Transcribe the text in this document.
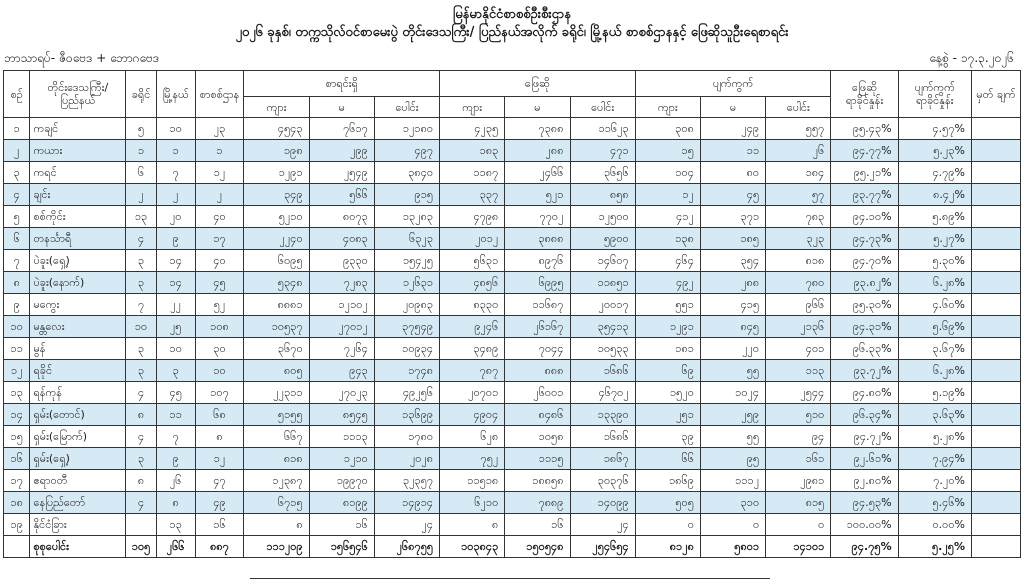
မြန်မာနိုင်ငံစာစစ်ဦးစီးဌာန
၂၀၂၆ ခုနှစ်၊ တက္ကသိုလ်ဝင်စာမေးပွဲ တိုင်းဒေသကြီး/ ပြည်နယ်အလိုက် ခရိုင်၊ မြို့နယ် စာစစ်ဌာနနှင့် ဖြေဆိုသူဦးရေစာရင်း
ဘာသာရပ်- ဇီဝဗေဒ + ဘောဂဗေဒ	နေ့စွဲ - ၁၇.၃.၂၀၂၆
စဉ်	တိုင်းဒေသကြီး/ ပြည်နယ်	ခရိုင်	မြို့နယ်	စာစစ်ဌာန	စာရင်းရှိ			ဖြေဆို			ပျက်ကွက်			ဖြေဆို ရာခိုင်နှုန်း	ပျက်ကွက် ရာခိုင်နှုန်း	မှတ် ချက်
					ကျား	မ	ပေါင်း	ကျား	မ	ပေါင်း	ကျား	မ	ပေါင်း			
၁	ကချင်	၅	၁၀	၂၃	၄၅၄၃	၇၆၁၇	၁၂၁၈၀	၄၂၃၅	၇၃၈၈	၁၁၆၂၃	၃၀၈	၂၄၉	၅၅၇	၉၅.၄၃%	၄.၅၇%	
၂	ကယား	၁	၁	၁	၁၉၈	၂၉၉	၄၉၇	၁၈၃	၂၈၈	၄၇၁	၁၅	၁၁	၂၆	၉၄.၇၇%	၅.၂၃%	
၃	ကရင်	၆	၇	၁၂	၁၂၉၁	၂၅၄၉	၃၈၄၀	၁၁၈၇	၂၄၆၆	၃၆၅၆	၁၀၄	၈၀	၁၈၄	၉၅.၂၁%	၄.၇၉%	
၄	ချင်း	၂	၂	၂	၃၄၉	၅၆၆	၉၁၅	၃၃၇	၅၂၁	၈၅၈	၁၂	၄၅	၅၇	၉၃.၇၇%	၈.၄၂%	
၅	စစ်ကိုင်း	၁၃	၂၀	၄၀	၅၂၁၀	၈၀၇၃	၁၃၂၈၃	၄၇၉၈	၇၇၀၂	၁၂၅၀၀	၄၁၂	၃၇၁	၇၈၃	၉၄.၁၀%	၅.၈၉%	
၆	တနင်္သာရီ	၄	၉	၁၇	၂၂၄၀	၄၀၈၃	၆၃၂၃	၂၀၁၂	၃၈၈၈	၅၉၀၀	၁၃၈	၁၈၅	၃၂၃	၉၄.၇၃%	၅.၂၇%	
၇	ပဲခူး(ရှေ့)	၃	၁၄	၄၀	၆၀၉၅	၉၃၃၀	၁၅၄၂၅	၅၆၃၁	၈၉၇၆	၁၄၆၀၇	၄၆၄	၃၅၄	၈၁၈	၉၄.၇၀%	၅.၃၀%	
၈	ပဲခူး(နောက်)	၃	၁၄	၄၅	၅၃၄၈	၇၂၈၃	၁၂၆၃၁	၄၈၅၆	၆၉၉၅	၁၁၈၅၁	၄၉၂	၂၈၈	၇၈၀	၉၃.၈၂%	၆.၂၈%	
၉	မကွေး	၇	၂၂	၅၂	၈၈၈၁	၁၂၁၀၂	၂၀၉၈၃	၈၃၃၀	၁၁၆၈၇	၂၀၀၁၇	၅၅၁	၄၁၅	၉၆၆	၉၅.၃၀%	၄.၆၀%	
၁၀	မန္တလေး	၁၀	၂၅	၁၀၈	၁၀၅၃၇	၂၇၀၁၂	၃၇၅၄၉	၉၂၄၆	၂၆၁၆၇	၃၅၄၁၃	၁၂၉၁	၈၄၅	၂၁၃၆	၉၄.၃၁%	၅.၆၉%	
၁၁	မွန်	၃	၁၀	၃၀	၃၆၇၀	၇၂၆၄	၁၀၉၃၄	၃၄၈၉	၇၀၄၄	၁၀၅၃၃	၁၈၁	၂၂၀	၄၀၁	၉၆.၃၃%	၃.၆၇%	
၁၂	ရခိုင်	၃	၃	၁၀	၈၀၅	၉၄၃	၁၇၄၈	၇၈၇	၈၈၈	၁၆၈၆	၆၉	၅၅	၁၁၃	၉၃.၇၂%	၆.၂၈%	
၁၃	ရန်ကုန်	၄	၄၅	၁၀၇	၂၂၃၁၁	၂၇၀၂၃	၄၉၂၅၆	၂၀၇၀၁	၂၆၀၀၁	၄၆၇၀၂	၁၅၂၀	၁၀၂၄	၂၅၄၄	၉၄.၈၀%	၅.၁၉%	
၁၄	ရှမ်း(တောင်)	၈	၁၁	၆၈	၅၁၅၅	၈၅၄၅	၁၃၆၉၉	၄၉၀၄	၈၄၈၆	၁၃၃၉၀	၂၅၁	၂၅၉	၅၁၀	၉၆.၃၄%	၃.၆၃%	
၁၅	ရှမ်း(မြောက်)	၄	၇	၈	၆၆၇	၁၁၁၃	၁၇၈၀	၆၂၈	၁၀၅၈	၁၆၈၆	၃၉	၅၅	၉၄	၉၄.၇၂%	၅.၂၈%	
၁၆	ရှမ်း(ရှေ့)	၃	၉	၁၂	၈၁၈	၁၂၁၀	၂၀၂၈	၇၅၂	၁၁၁၅	၁၈၆၇	၆၆	၉၅	၁၆၁	၉၂.၆၁%	၇.၉၄%	
၁၇	ဧရာဝတီ	၈	၂၆	၄၇	၁၂၃၈၇	၁၉၉၇၀	၃၂၃၅၇	၁၁၅၁၈	၁၈၈၅၈	၃၀၃၇၆	၁၈၆၉	၁၁၁၂	၂၉၈၁	၉၂.၈၀%	၇.၂၀%	
၁၈	နေပြည်တော်	၄	၈	၄၉	၆၇၁၅	၈၁၉၉	၁၄၉၁၄	၆၂၁၀	၇၈၈၉	၁၄၀၉၉	၅၀၅	၃၁၀	၈၁၅	၉၄.၅၃%	၅.၄၆%	
၁၉	နိုင်ငံခြား		၁၃	၁၆	၈	၁၆	၂၄	၈	၁၆	၂၄	၀	၀	၀	၁၀၀.၀၀%	၀.၀၀%	
	စုစုပေါင်း	၁၀၅	၂၆၆	၈၈၇	၁၁၁၂၀၉	၁၅၆၅၄၆	၂၆၈၇၅၅	၁၀၃၈၄၃	၁၅၀၅၄၈	၂၅၄၆၅၄	၈၁၂၈	၅၈၀၁	၁၄၁၀၁	၉၄.၇၅%	၅.၂၅%	
